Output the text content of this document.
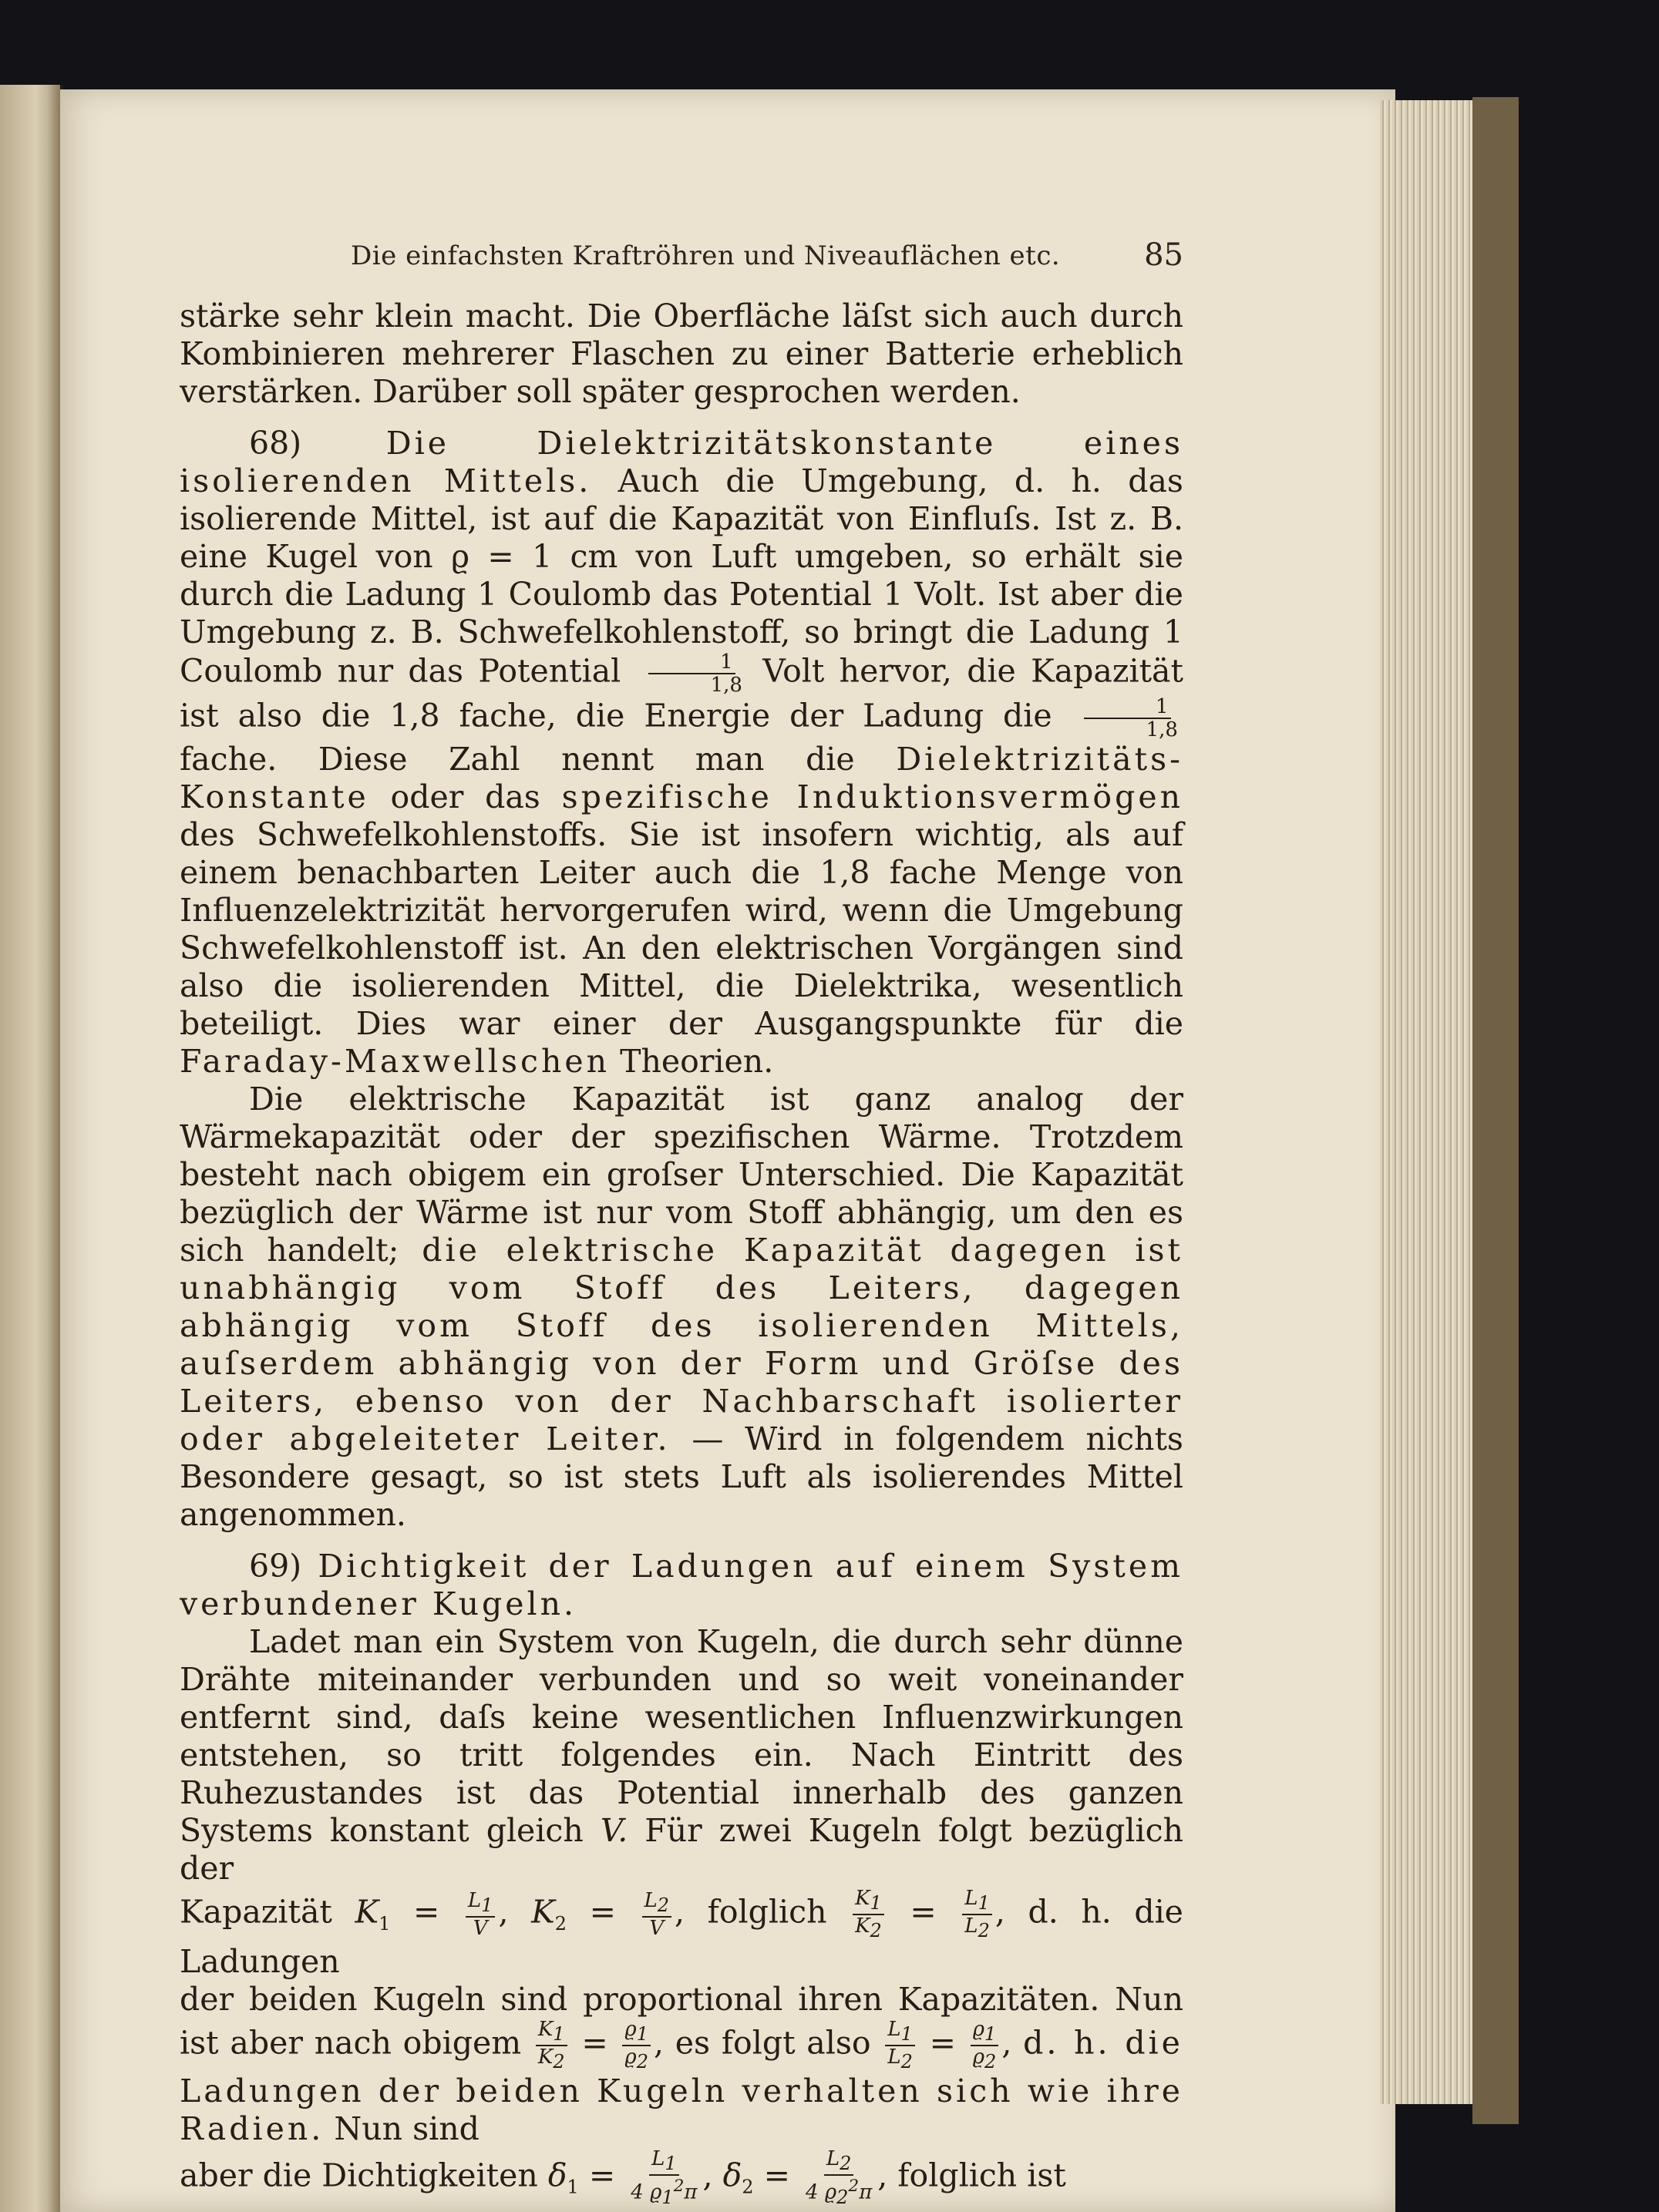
Die einfachsten Kraftröhren und Niveauflächen etc.	85

stärke sehr klein macht. Die Oberfläche läſst sich auch durch Kombinieren mehrerer Flaschen zu einer Batterie erheblich verstärken. Darüber soll später gesprochen werden.

68)	Die Dielektrizitätskonstante eines isolierenden Mittels. Auch die Umgebung, d. h. das isolierende Mittel, ist auf die Kapazität von Einfluſs. Ist z. B. eine Kugel von ϱ = 1 cm von Luft umgeben, so erhält sie durch die Ladung 1 Coulomb das Potential 1 Volt. Ist aber die Umgebung z. B. Schwefelkohlenstoff, so bringt die Ladung 1 Coulomb nur das Potential $\frac{1}{1,8}$ Volt hervor, die Kapazität ist also die 1,8 fache, die Energie der Ladung die $\frac{1}{1,8}$
fache. Diese Zahl nennt man die Dielektrizitäts-Konstante oder das spezifische Induktionsvermögen des Schwefelkohlenstoffs. Sie ist insofern wichtig, als auf einem benachbarten Leiter auch die 1,8 fache Menge von Influenzelektrizität hervorgerufen wird, wenn die Umgebung Schwefelkohlenstoff ist. An den elektrischen Vorgängen sind also die isolierenden Mittel, die Dielektrika, wesentlich beteiligt. Dies war einer der Ausgangspunkte für die Faraday-Maxwellschen Theorien.

Die elektrische Kapazität ist ganz analog der Wärmekapazität oder der spezifischen Wärme. Trotzdem besteht nach obigem ein groſser Unterschied. Die Kapazität bezüglich der Wärme ist nur vom Stoff abhängig, um den es sich handelt; die elektrische Kapazität dagegen ist unabhängig vom Stoff des Leiters, dagegen abhängig vom Stoff des isolierenden Mittels, auſserdem abhängig von der Form und Gröſse des Leiters, ebenso von der Nachbarschaft isolierter oder abgeleiteter Leiter. — Wird in folgendem nichts Besondere gesagt, so ist stets Luft als isolierendes Mittel angenommen.

69) Dichtigkeit der Ladungen auf einem System verbundener Kugeln.

Ladet man ein System von Kugeln, die durch sehr dünne Drähte miteinander verbunden und so weit voneinander entfernt sind, daſs keine wesentlichen Influenzwirkungen entstehen, so tritt folgendes ein. Nach Eintritt des Ruhezustandes ist das Potential innerhalb des ganzen Systems konstant gleich V. Für zwei Kugeln folgt bezüglich der

Kapazität $K_1 = \frac{L_1}{V}$ , $K_2 = \frac{L_2}{V}$ , folglich $\frac{K_1}{K_2} = \frac{L_1}{L_2}$ , d. h. die Ladungen

der beiden Kugeln sind proportional ihren Kapazitäten. Nun ist aber nach obigem $\frac{K_1}{K_2} = \frac{ϱ_1}{ϱ_2}$ , es folgt also $\frac{L_1}{L_2} = \frac{ϱ_1}{ϱ_2}$ , d. h. die Ladungen der beiden Kugeln verhalten sich wie ihre Radien. Nun sind

aber die Dichtigkeiten $\delta_1 = \frac{L_1}{4 ϱ_1^2\pi}$ , $\delta_2 = \frac{L_2}{4 ϱ_2^2\pi}$ , folglich ist
